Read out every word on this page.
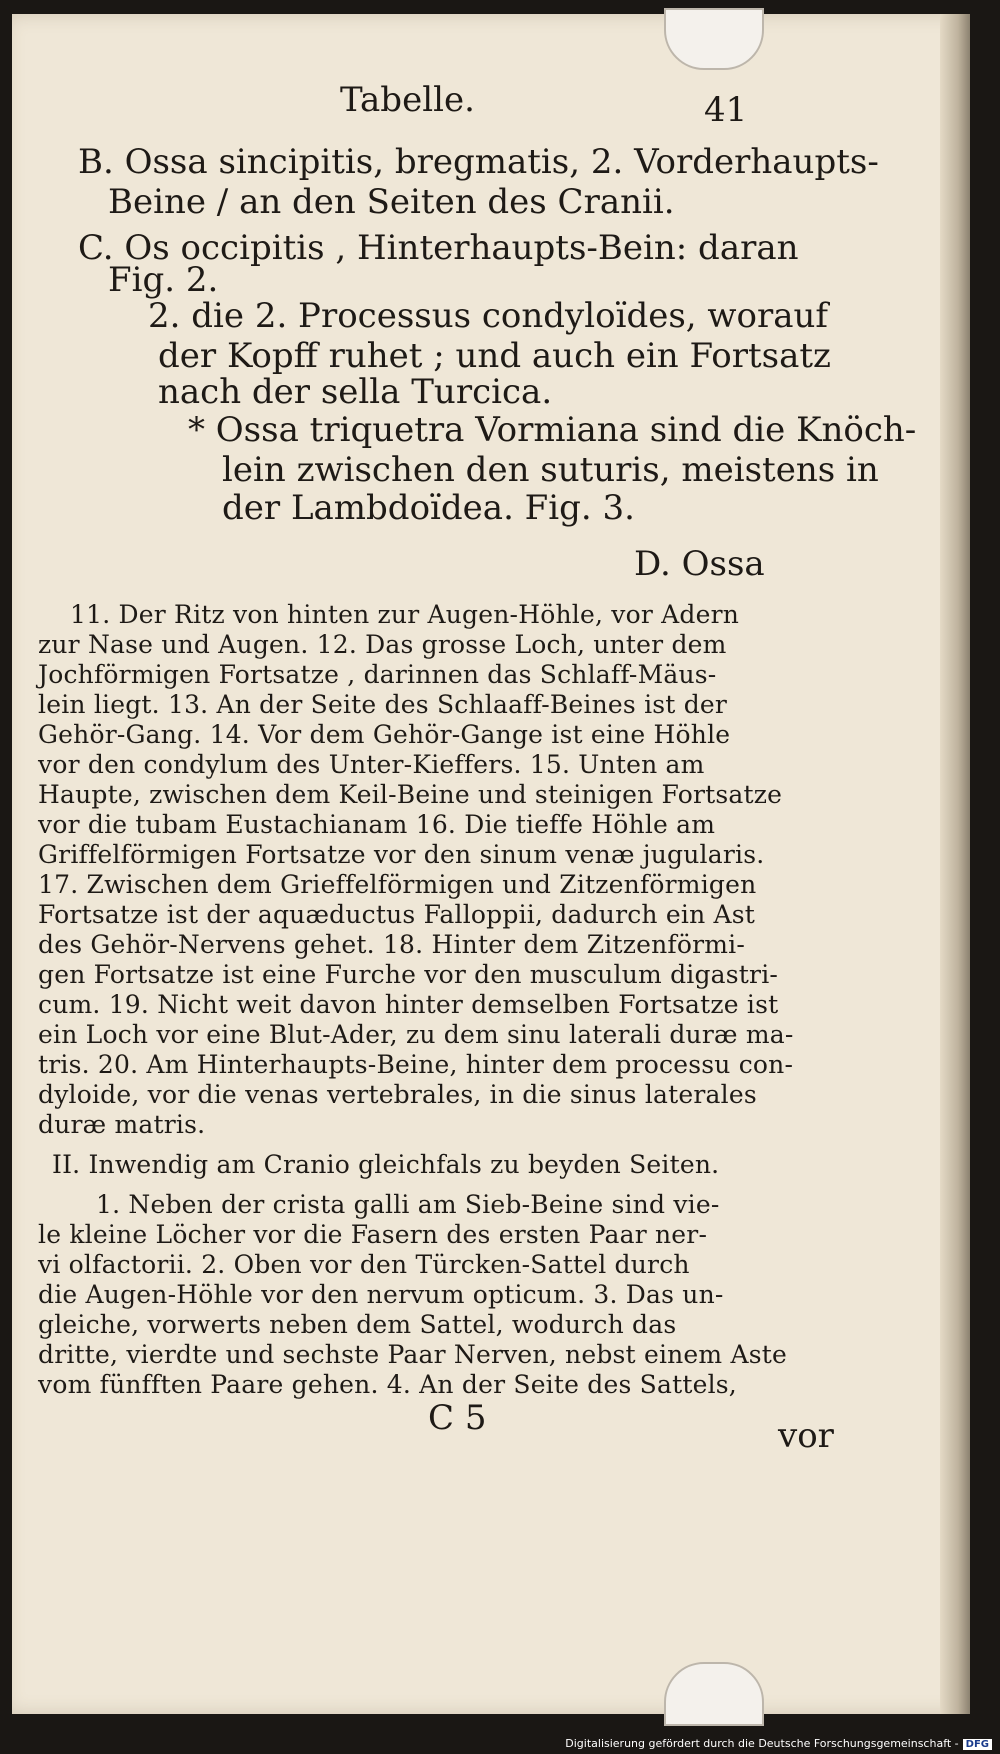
Tabelle.	41
B. Ossa sincipitis, bregmatis, 2. Vorderhaupts-
Beine / an den Seiten des Cranii.
C. Os occipitis , Hinterhaupts-Bein: daran
Fig. 2.
2. die 2. Processus condyloïdes, worauf
der Kopff ruhet ; und auch ein Fortsatz
nach der sella Turcica.
* Ossa triquetra Vormiana sind die Knöch-
lein zwischen den suturis, meistens in
der Lambdoïdea. Fig. 3.
D. Ossa
11. Der Ritz von hinten zur Augen-Höhle, vor Adern
zur Nase und Augen. 12. Das grosse Loch, unter dem
Jochförmigen Fortsatze , darinnen das Schlaff-Mäus-
lein liegt. 13. An der Seite des Schlaaff-Beines ist der
Gehör-Gang. 14. Vor dem Gehör-Gange ist eine Höhle
vor den condylum des Unter-Kieffers. 15. Unten am
Haupte, zwischen dem Keil-Beine und steinigen Fortsatze
vor die tubam Eustachianam 16. Die tieffe Höhle am
Griffelförmigen Fortsatze vor den sinum venæ jugularis.
17. Zwischen dem Grieffelförmigen und Zitzenförmigen
Fortsatze ist der aquæductus Falloppii, dadurch ein Ast
des Gehör-Nervens gehet. 18. Hinter dem Zitzenförmi-
gen Fortsatze ist eine Furche vor den musculum digastri-
cum. 19. Nicht weit davon hinter demselben Fortsatze ist
ein Loch vor eine Blut-Ader, zu dem sinu laterali duræ ma-
tris. 20. Am Hinterhaupts-Beine, hinter dem processu con-
dyloide, vor die venas vertebrales, in die sinus laterales
duræ matris.
II. Inwendig am Cranio gleichfals zu beyden Seiten.
1. Neben der crista galli am Sieb-Beine sind vie-
le kleine Löcher vor die Fasern des ersten Paar ner-
vi olfactorii. 2. Oben vor den Türcken-Sattel durch
die Augen-Höhle vor den nervum opticum. 3. Das un-
gleiche, vorwerts neben dem Sattel, wodurch das
dritte, vierdte und sechste Paar Nerven, nebst einem Aste
vom fünfften Paare gehen. 4. An der Seite des Sattels,
C 5	vor
Digitalisierung gefördert durch die Deutsche Forschungsgemeinschaft - DFG
